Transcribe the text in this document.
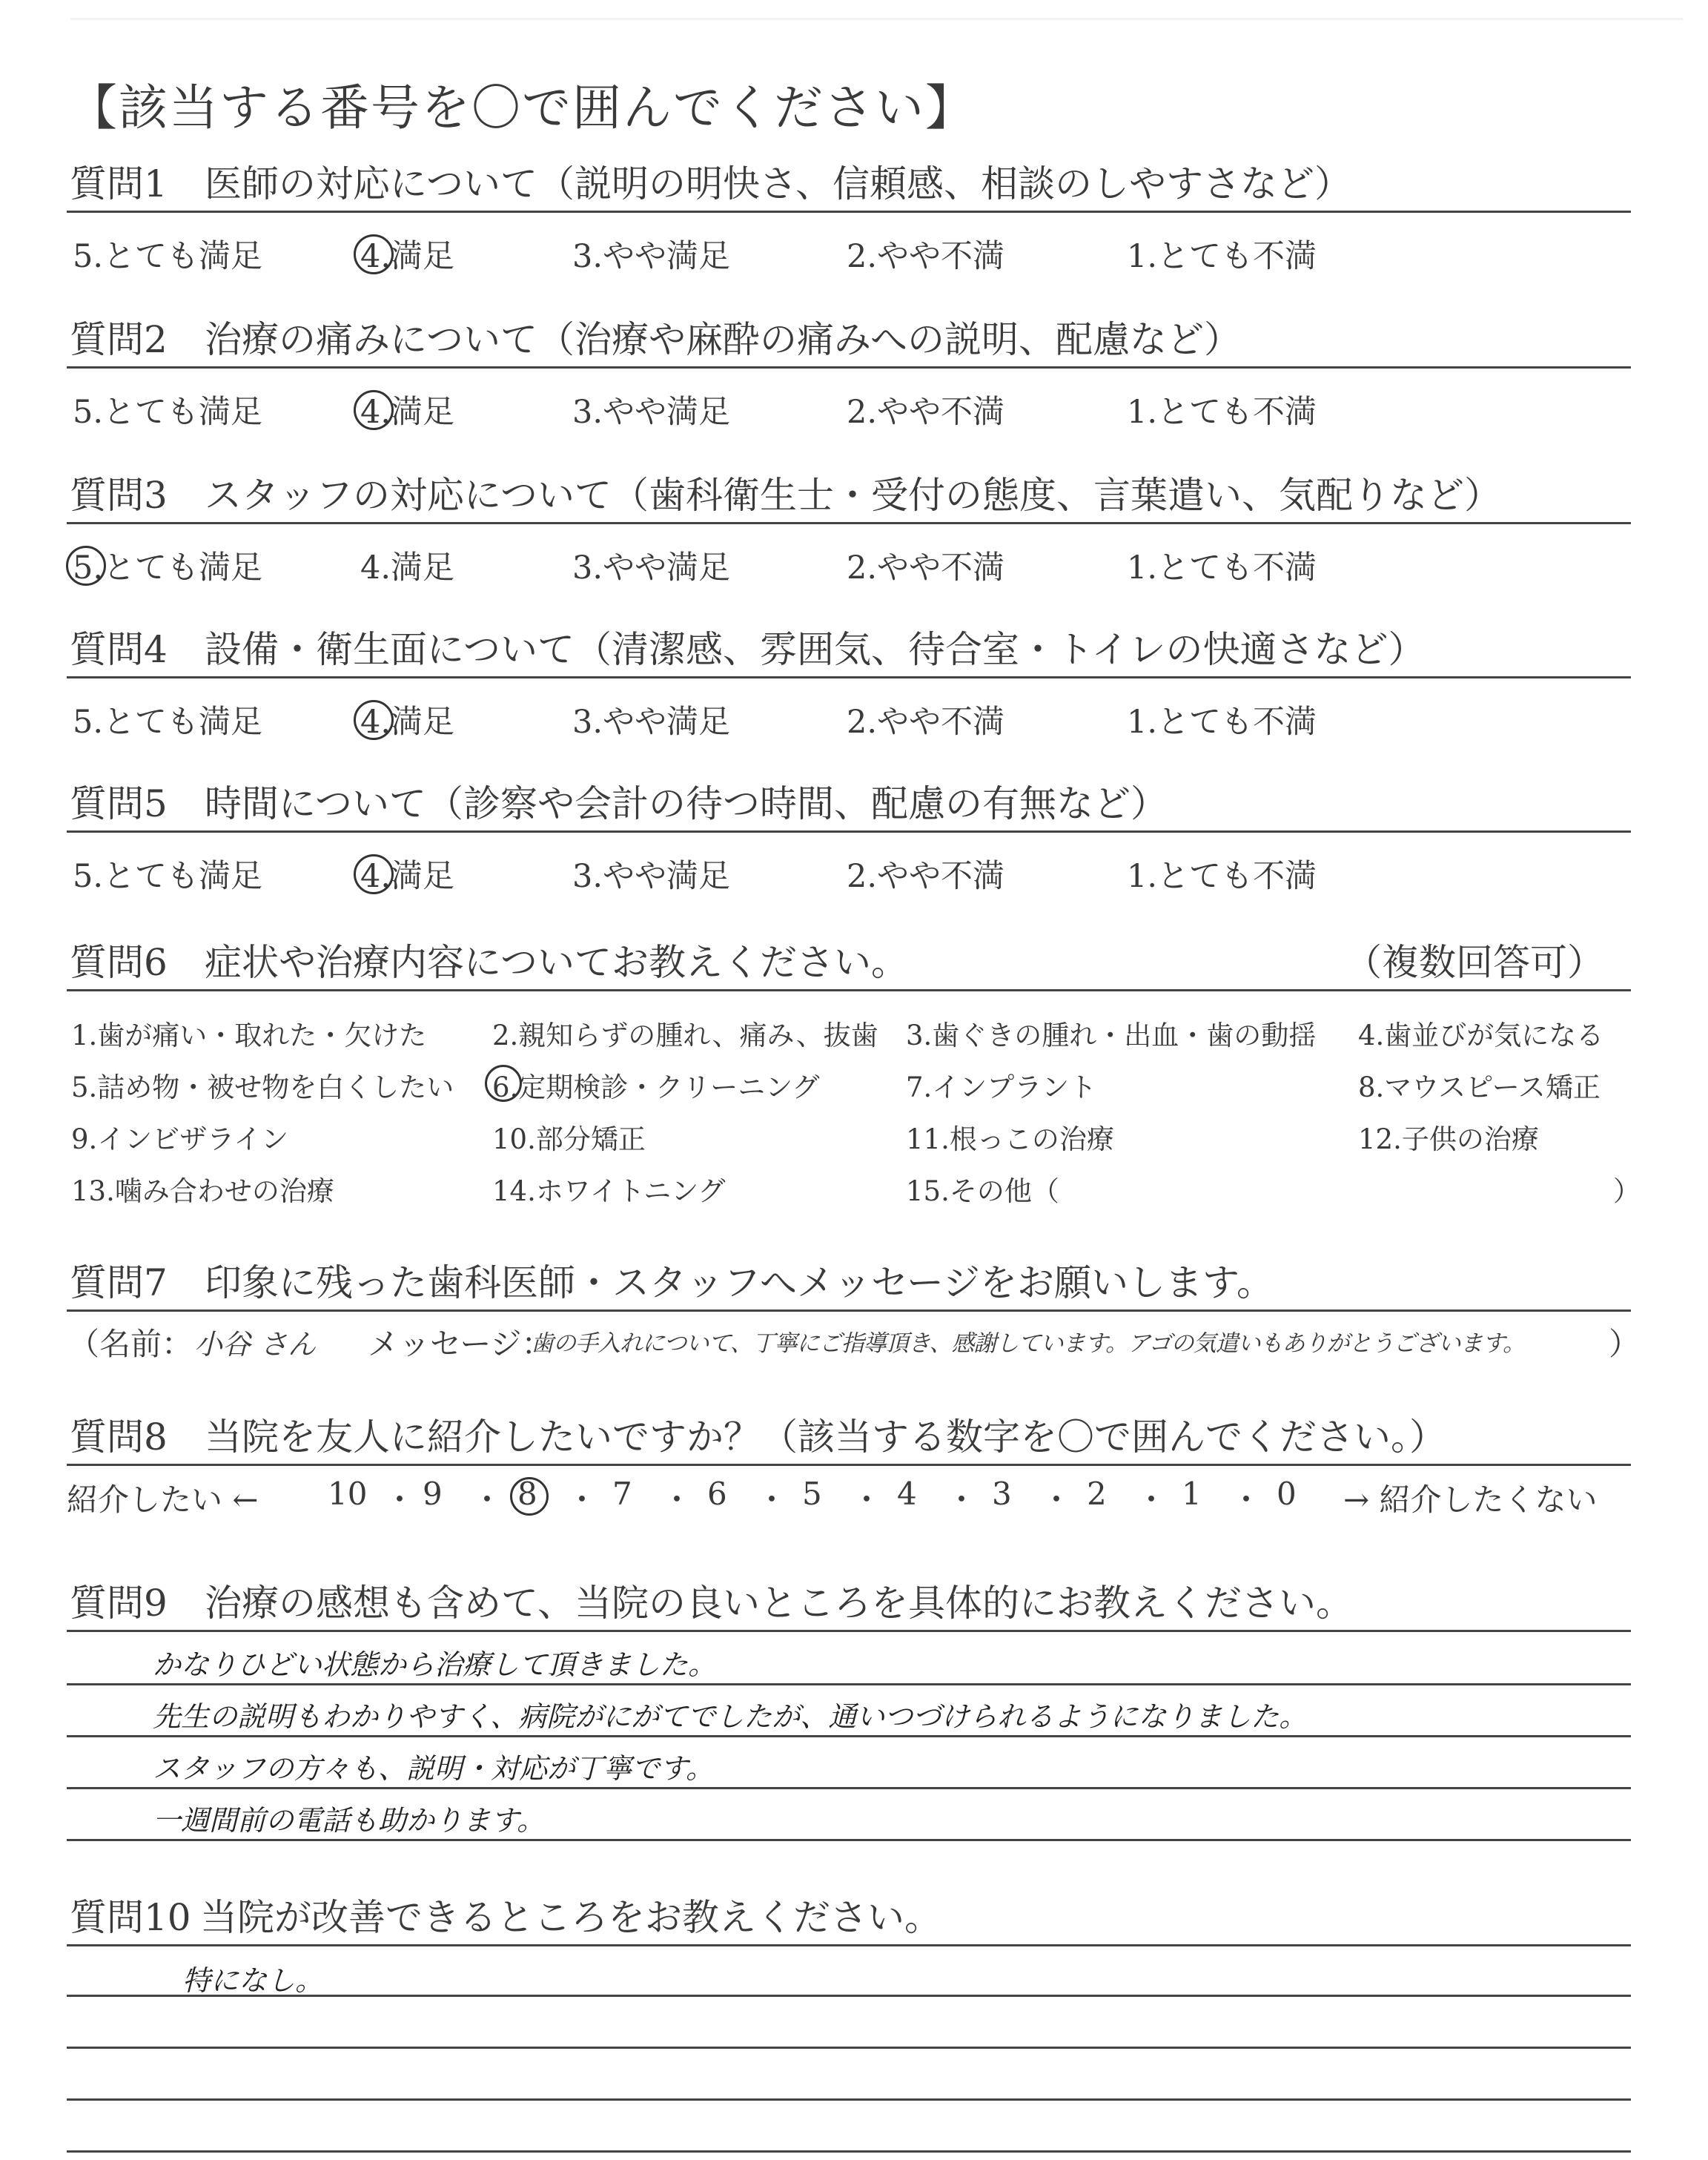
【該当する番号を〇で囲んでください】
質問1 医師の対応について（説明の明快さ、信頼感、相談のしやすさなど）
5.とても満足	4.満足	3.やや満足	2.やや不満	1.とても不満
質問2 治療の痛みについて（治療や麻酔の痛みへの説明、配慮など）
5.とても満足	4.満足	3.やや満足	2.やや不満	1.とても不満
質問3 スタッフの対応について（歯科衛生士・受付の態度、言葉遣い、気配りなど）
5.とても満足	4.満足	3.やや満足	2.やや不満	1.とても不満
質問4 設備・衛生面について（清潔感、雰囲気、待合室・トイレの快適さなど）
5.とても満足	4.満足	3.やや満足	2.やや不満	1.とても不満
質問5 時間について（診察や会計の待つ時間、配慮の有無など）
5.とても満足	4.満足	3.やや満足	2.やや不満	1.とても不満
質問6 症状や治療内容についてお教えください。	（複数回答可）
1.歯が痛い・取れた・欠けた 2.親知らずの腫れ、痛み、抜歯 3.歯ぐきの腫れ・出血・歯の動揺 4.歯並びが気になる
5.詰め物・被せ物を白くしたい 6.定期検診・クリーニング	7.インプラント	8.マウスピース矯正
9.インビザライン	10.部分矯正	11.根っこの治療	12.子供の治療
13.噛み合わせの治療	14.ホワイトニング	15.その他（	）
質問7 印象に残った歯科医師・スタッフへメッセージをお願いします。
（名前： 小谷 さん メッセージ：
歯の手入れについて、丁寧にご指導頂き、感謝しています。アゴの気遣いもありがとうございます。	）
質問8 当院を友人に紹介したいですか？（該当する数字を〇で囲んでください。）
紹介したい ←	→ 紹介したくない
10 ・ 9 ・ 8 ・ 7 ・ 6 ・ 5 ・ 4 ・ 3 ・ 2 ・ 1 ・ 0
質問9 治療の感想も含めて、当院の良いところを具体的にお教えください。
かなりひどい状態から治療して頂きました。
先生の説明もわかりやすく、病院がにがてでしたが、通いつづけられるようになりました。
スタッフの方々も、説明・対応が丁寧です。
一週間前の電話も助かります。
質問10 当院が改善できるところをお教えください。
特になし。
